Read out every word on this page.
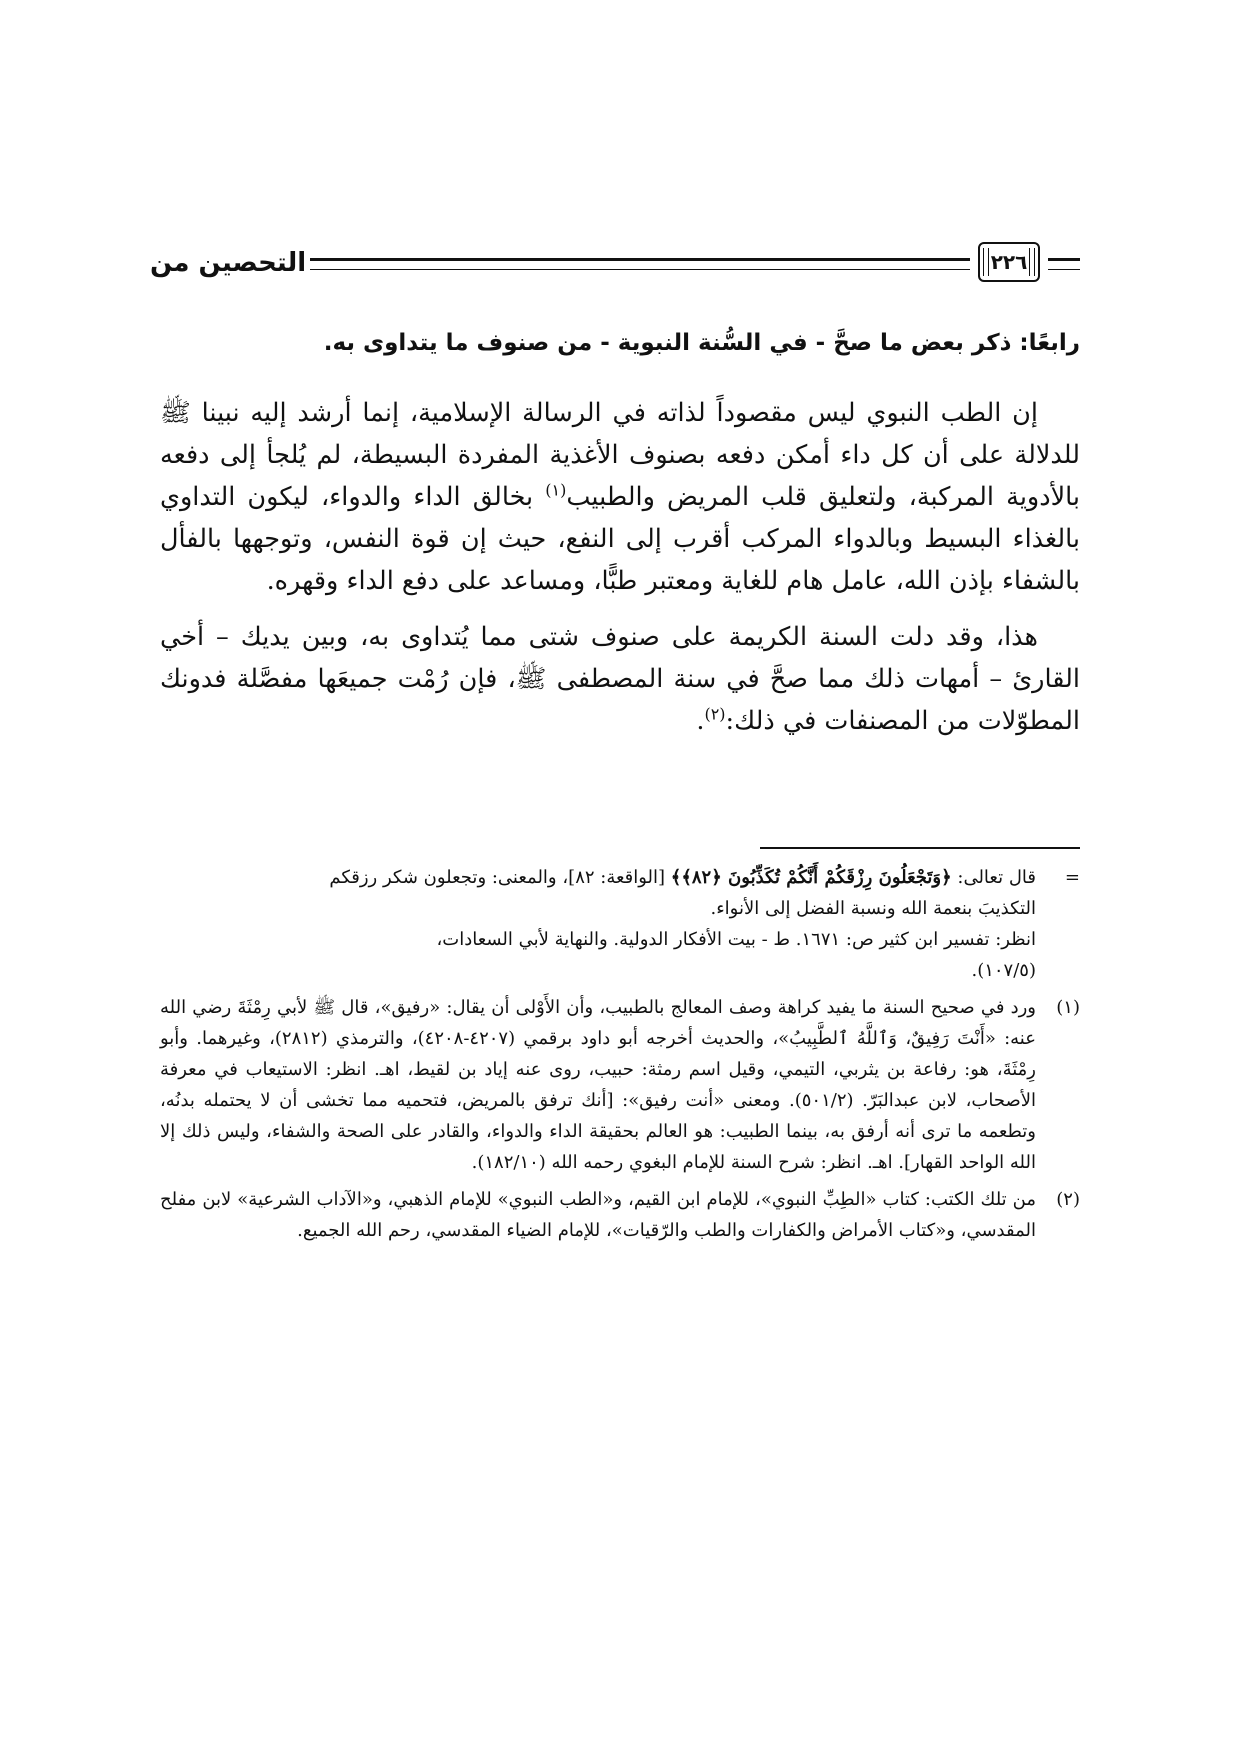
التحصين من	٢٢٦
رابعًا: ذكر بعض ما صحَّ - في السُّنة النبوية - من صنوف ما يتداوى به.

إن الطب النبوي ليس مقصوداً لذاته في الرسالة الإسلامية، إنما أرشد إليه نبينا ﷺ للدلالة على أن كل داء أمكن دفعه بصنوف الأغذية المفردة البسيطة، لم يُلجأ إلى دفعه بالأدوية المركبة، ولتعليق قلب المريض والطبيب$^{(١)}$ بخالق الداء والدواء، ليكون التداوي بالغذاء البسيط وبالدواء المركب أقرب إلى النفع، حيث إن قوة النفس، وتوجهها بالفأل بالشفاء بإذن الله، عامل هام للغاية ومعتبر طبًّا، ومساعد على دفع الداء وقهره.

هذا، وقد دلت السنة الكريمة على صنوف شتى مما يُتداوى به، وبين يديك – أخي القارئ – أمهات ذلك مما صحَّ في سنة المصطفى ﷺ، فإن رُمْت جميعَها مفصَّلة فدونك المطوّلات من المصنفات في ذلك:$^{(٢)}$.

=
قال تعالى: ﴿وَتَجْعَلُونَ رِزْقَكُمْ أَنَّكُمْ تُكَذِّبُونَ ﴿٨٢﴾﴾ [الواقعة: ٨٢]، والمعنى: وتجعلون شكر رزقكم
التكذيبَ بنعمة الله ونسبة الفضل إلى الأنواء.
انظر: تفسير ابن كثير ص: ١٦٧١. ط - بيت الأفكار الدولية. والنهاية لأبي السعادات،
(١٠٧/٥).
(١)
ورد في صحيح السنة ما يفيد كراهة وصف المعالج بالطبيب، وأن الأَوْلى أن يقال: «رفيق»، قال ﷺ لأبي رِمْثَةَ رضي الله عنه: «أَنْتَ رَفِيقٌ، وَٱللَّهُ ٱلطَّبِيبُ»، والحديث أخرجه أبو داود برقمي (٤٢٠٧-٤٢٠٨)، والترمذي (٢٨١٢)، وغيرهما. وأبو رِمْثَةَ، هو: رفاعة بن يثربي، التيمي، وقيل اسم رمثة: حبيب، روى عنه إياد بن لقيط، اهـ. انظر: الاستيعاب في معرفة الأصحاب، لابن عبدالبَرّ. (٥٠١/٢). ومعنى «أنت رفيق»: [أنك ترفق بالمريض، فتحميه مما تخشى أن لا يحتمله بدنُه، وتطعمه ما ترى أنه أرفق به، بينما الطبيب: هو العالم بحقيقة الداء والدواء، والقادر على الصحة والشفاء، وليس ذلك إلا الله الواحد القهار]. اهـ. انظر: شرح السنة للإمام البغوي رحمه الله (١٨٢/١٠).
(٢)
من تلك الكتب: كتاب «الطِبِّ النبوي»، للإمام ابن القيم، و«الطب النبوي» للإمام الذهبي، و«الآداب الشرعية» لابن مفلح المقدسي، و«كتاب الأمراض والكفارات والطب والرّقيات»، للإمام الضياء المقدسي، رحم الله الجميع.
